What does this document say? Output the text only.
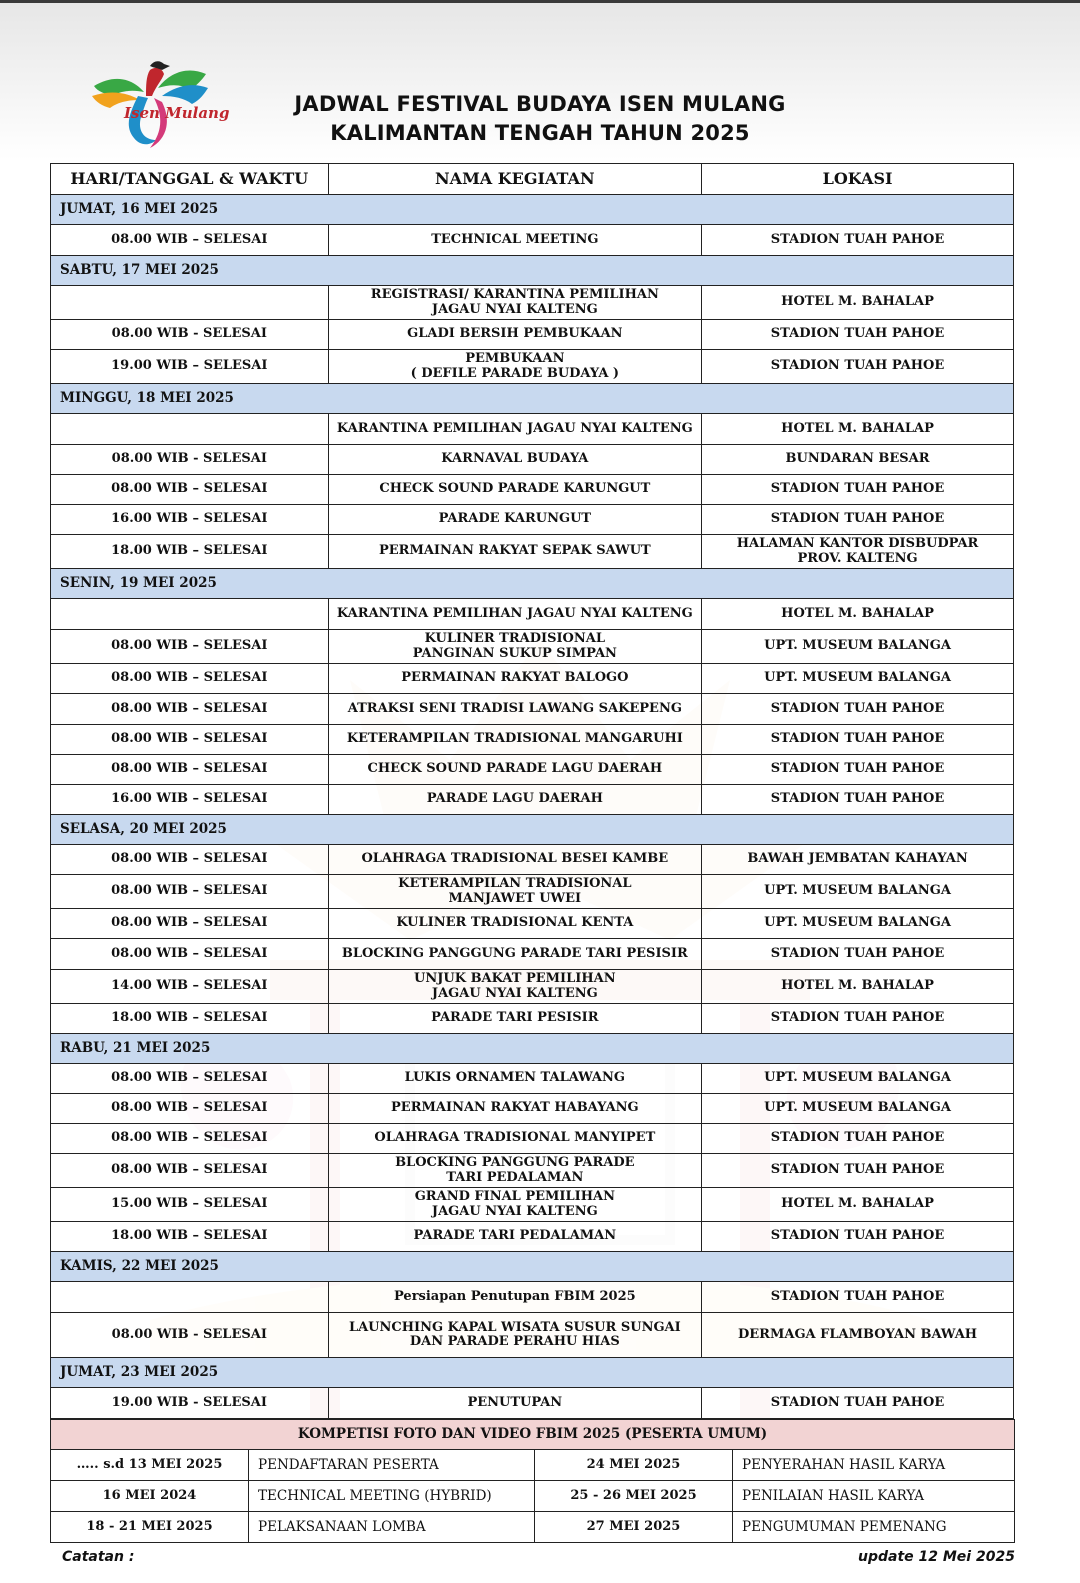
Isen Mulang	JADWAL FESTIVAL BUDAYA ISEN MULANG
KALIMANTAN TENGAH TAHUN 2025
HARI/TANGGAL & WAKTU	NAMA KEGIATAN	LOKASI
JUMAT, 16 MEI 2025		
08.00 WIB – SELESAI	TECHNICAL MEETING	STADION TUAH PAHOE
SABTU, 17 MEI 2025		
	REGISTRASI/ KARANTINA PEMILIHAN
JAGAU NYAI KALTENG	HOTEL M. BAHALAP
08.00 WIB - SELESAI	GLADI BERSIH PEMBUKAAN	STADION TUAH PAHOE
19.00 WIB – SELESAI	PEMBUKAAN
( DEFILE PARADE BUDAYA )	STADION TUAH PAHOE
MINGGU, 18 MEI 2025		
	KARANTINA PEMILIHAN JAGAU NYAI KALTENG	HOTEL M. BAHALAP
08.00 WIB - SELESAI	KARNAVAL BUDAYA	BUNDARAN BESAR
08.00 WIB – SELESAI	CHECK SOUND PARADE KARUNGUT	STADION TUAH PAHOE
16.00 WIB – SELESAI	PARADE KARUNGUT	STADION TUAH PAHOE
18.00 WIB – SELESAI	PERMAINAN RAKYAT SEPAK SAWUT	HALAMAN KANTOR DISBUDPAR
PROV. KALTENG
SENIN, 19 MEI 2025		
	KARANTINA PEMILIHAN JAGAU NYAI KALTENG	HOTEL M. BAHALAP
08.00 WIB – SELESAI	KULINER TRADISIONAL
PANGINAN SUKUP SIMPAN	UPT. MUSEUM BALANGA
08.00 WIB – SELESAI	PERMAINAN RAKYAT BALOGO	UPT. MUSEUM BALANGA
08.00 WIB – SELESAI	ATRAKSI SENI TRADISI LAWANG SAKEPENG	STADION TUAH PAHOE
08.00 WIB – SELESAI	KETERAMPILAN TRADISIONAL MANGARUHI	STADION TUAH PAHOE
08.00 WIB – SELESAI	CHECK SOUND PARADE LAGU DAERAH	STADION TUAH PAHOE
16.00 WIB – SELESAI	PARADE LAGU DAERAH	STADION TUAH PAHOE
SELASA, 20 MEI 2025		
08.00 WIB – SELESAI	OLAHRAGA TRADISIONAL BESEI KAMBE	BAWAH JEMBATAN KAHAYAN
08.00 WIB – SELESAI	KETERAMPILAN TRADISIONAL
MANJAWET UWEI	UPT. MUSEUM BALANGA
08.00 WIB – SELESAI	KULINER TRADISIONAL KENTA	UPT. MUSEUM BALANGA
08.00 WIB – SELESAI	BLOCKING PANGGUNG PARADE TARI PESISIR	STADION TUAH PAHOE
14.00 WIB – SELESAI	UNJUK BAKAT PEMILIHAN
JAGAU NYAI KALTENG	HOTEL M. BAHALAP
18.00 WIB – SELESAI	PARADE TARI PESISIR	STADION TUAH PAHOE
RABU, 21 MEI 2025		
08.00 WIB – SELESAI	LUKIS ORNAMEN TALAWANG	UPT. MUSEUM BALANGA
08.00 WIB – SELESAI	PERMAINAN RAKYAT HABAYANG	UPT. MUSEUM BALANGA
08.00 WIB – SELESAI	OLAHRAGA TRADISIONAL MANYIPET	STADION TUAH PAHOE
08.00 WIB – SELESAI	BLOCKING PANGGUNG PARADE
TARI PEDALAMAN	STADION TUAH PAHOE
15.00 WIB – SELESAI	GRAND FINAL PEMILIHAN
JAGAU NYAI KALTENG	HOTEL M. BAHALAP
18.00 WIB – SELESAI	PARADE TARI PEDALAMAN	STADION TUAH PAHOE
KAMIS, 22 MEI 2025		
	Persiapan Penutupan FBIM 2025	STADION TUAH PAHOE
08.00 WIB - SELESAI	LAUNCHING KAPAL WISATA SUSUR SUNGAI
DAN PARADE PERAHU HIAS	DERMAGA FLAMBOYAN BAWAH
JUMAT, 23 MEI 2025		
19.00 WIB - SELESAI	PENUTUPAN	STADION TUAH PAHOE
KOMPETISI FOTO DAN VIDEO FBIM 2025 (PESERTA UMUM)			
….. s.d 13 MEI 2025	PENDAFTARAN PESERTA	24 MEI 2025	PENYERAHAN HASIL KARYA
16 MEI 2024	TECHNICAL MEETING (HYBRID)	25 - 26 MEI 2025	PENILAIAN HASIL KARYA
18 - 21 MEI 2025	PELAKSANAAN LOMBA	27 MEI 2025	PENGUMUMAN PEMENANG
Catatan :	update 12 Mei 2025
